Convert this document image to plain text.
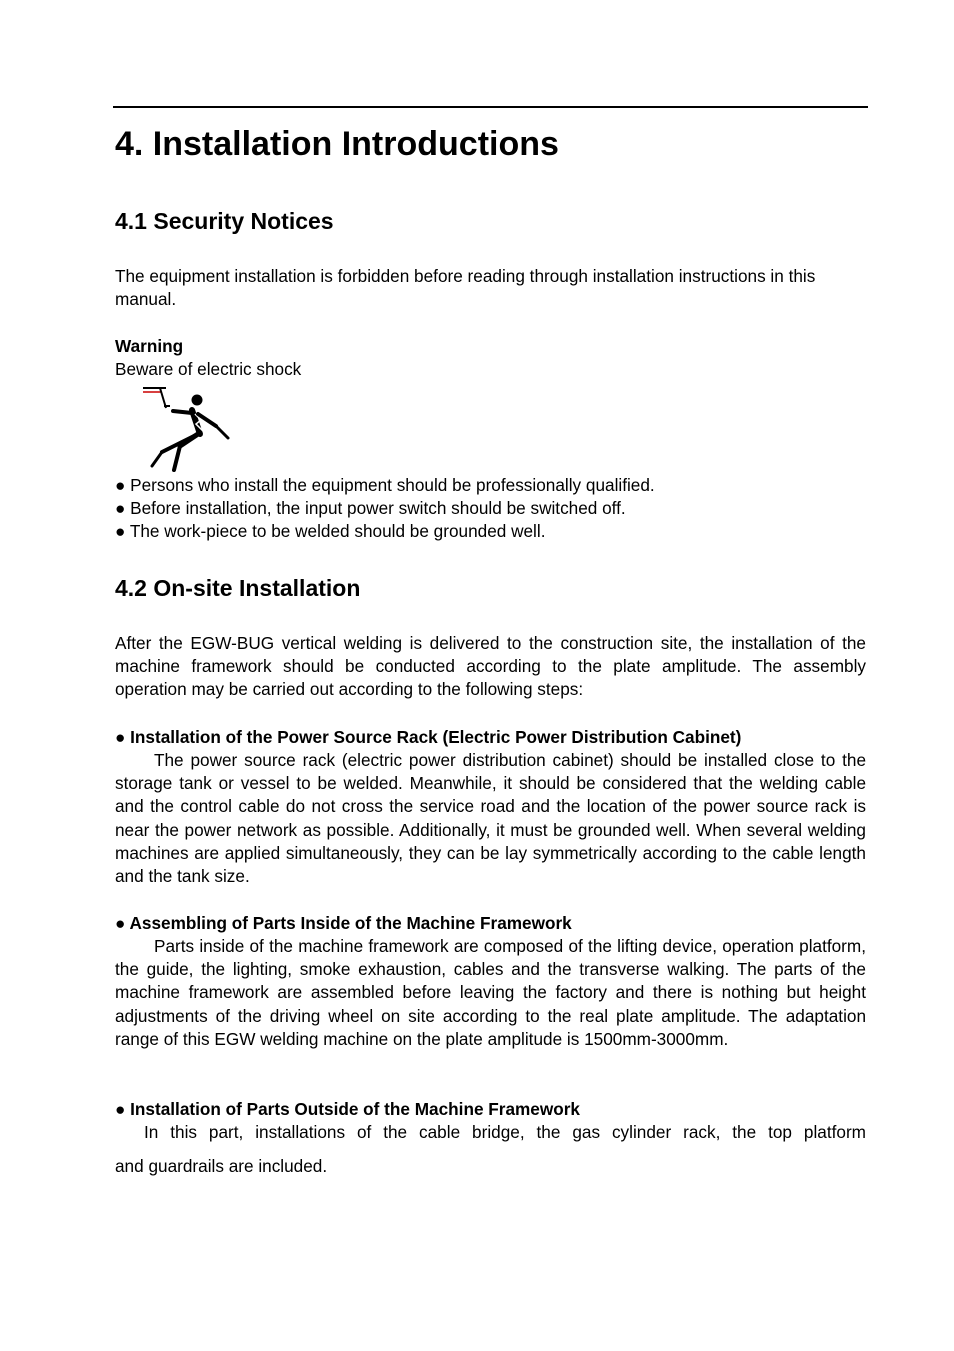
4. Installation Introductions
4.1 Security Notices

The equipment installation is forbidden before reading through installation instructions in this manual.

Warning

Beware of electric shock

● Persons who install the equipment should be professionally qualified.

● Before installation, the input power switch should be switched off.

● The work-piece to be welded should be grounded well.

4.2 On-site Installation

After the EGW-BUG vertical welding is delivered to the construction site, the installation of the machine framework should be conducted according to the plate amplitude. The assembly operation may be carried out according to the following steps:

● Installation of the Power Source Rack (Electric Power Distribution Cabinet)

The power source rack (electric power distribution cabinet) should be installed close to the storage tank or vessel to be welded. Meanwhile, it should be considered that the welding cable and the control cable do not cross the service road and the location of the power source rack is near the power network as possible. Additionally, it must be grounded well. When several welding machines are applied simultaneously, they can be lay symmetrically according to the cable length and the tank size.

● Assembling of Parts Inside of the Machine Framework

Parts inside of the machine framework are composed of the lifting device, operation platform, the guide, the lighting, smoke exhaustion, cables and the transverse walking. The parts of the machine framework are assembled before leaving the factory and there is nothing but height adjustments of the driving wheel on site according to the real plate amplitude. The adaptation range of this EGW welding machine on the plate amplitude is 1500mm-3000mm.

● Installation of Parts Outside of the Machine Framework

In this part, installations of the cable bridge, the gas cylinder rack, the top platform

and guardrails are included.
